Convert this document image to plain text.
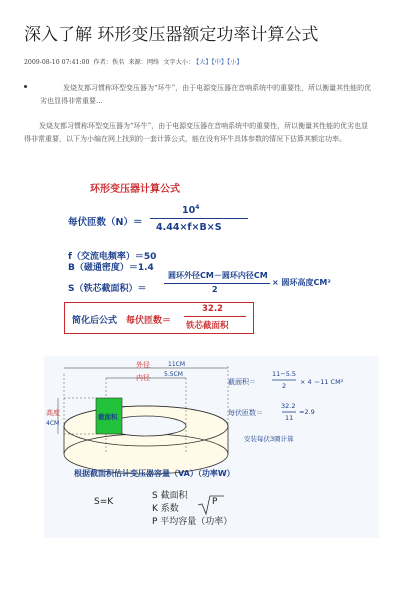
深入了解 环形变压器额定功率计算公式
2009-08-10 07:41:00 作者：佚名 来源：网络 文字大小： 【大】【中】【小】
发烧友都习惯称环型变压器为“环牛”，由于电源变压器在音响系统中的重要性，所以衡量其性能的优劣也显得非常重要...
发烧友都习惯称环型变压器为“环牛”，由于电源变压器在音响系统中的重要性，所以衡量其性能的优劣也显得非常重要，以下为小编在网上找到的一套计算公式，能在没有环牛具体参数的情况下估算其额定功率。
环形变压器计算公式
每伏匝数（N）＝
$10^4$
4.44×f×B×S
f（交流电频率）＝50
B（磁通密度）＝1.4
S（铁芯截面积）＝
圆环外径CM－圆环内径CM
2
× 圆环高度CM²
简化后公式 每伏匝数＝
32.2
铁芯截面积
外径	11CM
内径 5.5CM
高度
4CM
截面积
截面积＝
11−5.5
2 × 4 ＝11 CM²
每伏匝数＝
32.2
11
≈2.9
安装每伏3圈计算
根据截面积估计变压器容量（VA）（功率W）
S=K	P
S 截面积
K 系数
P 平均容量（功率）
